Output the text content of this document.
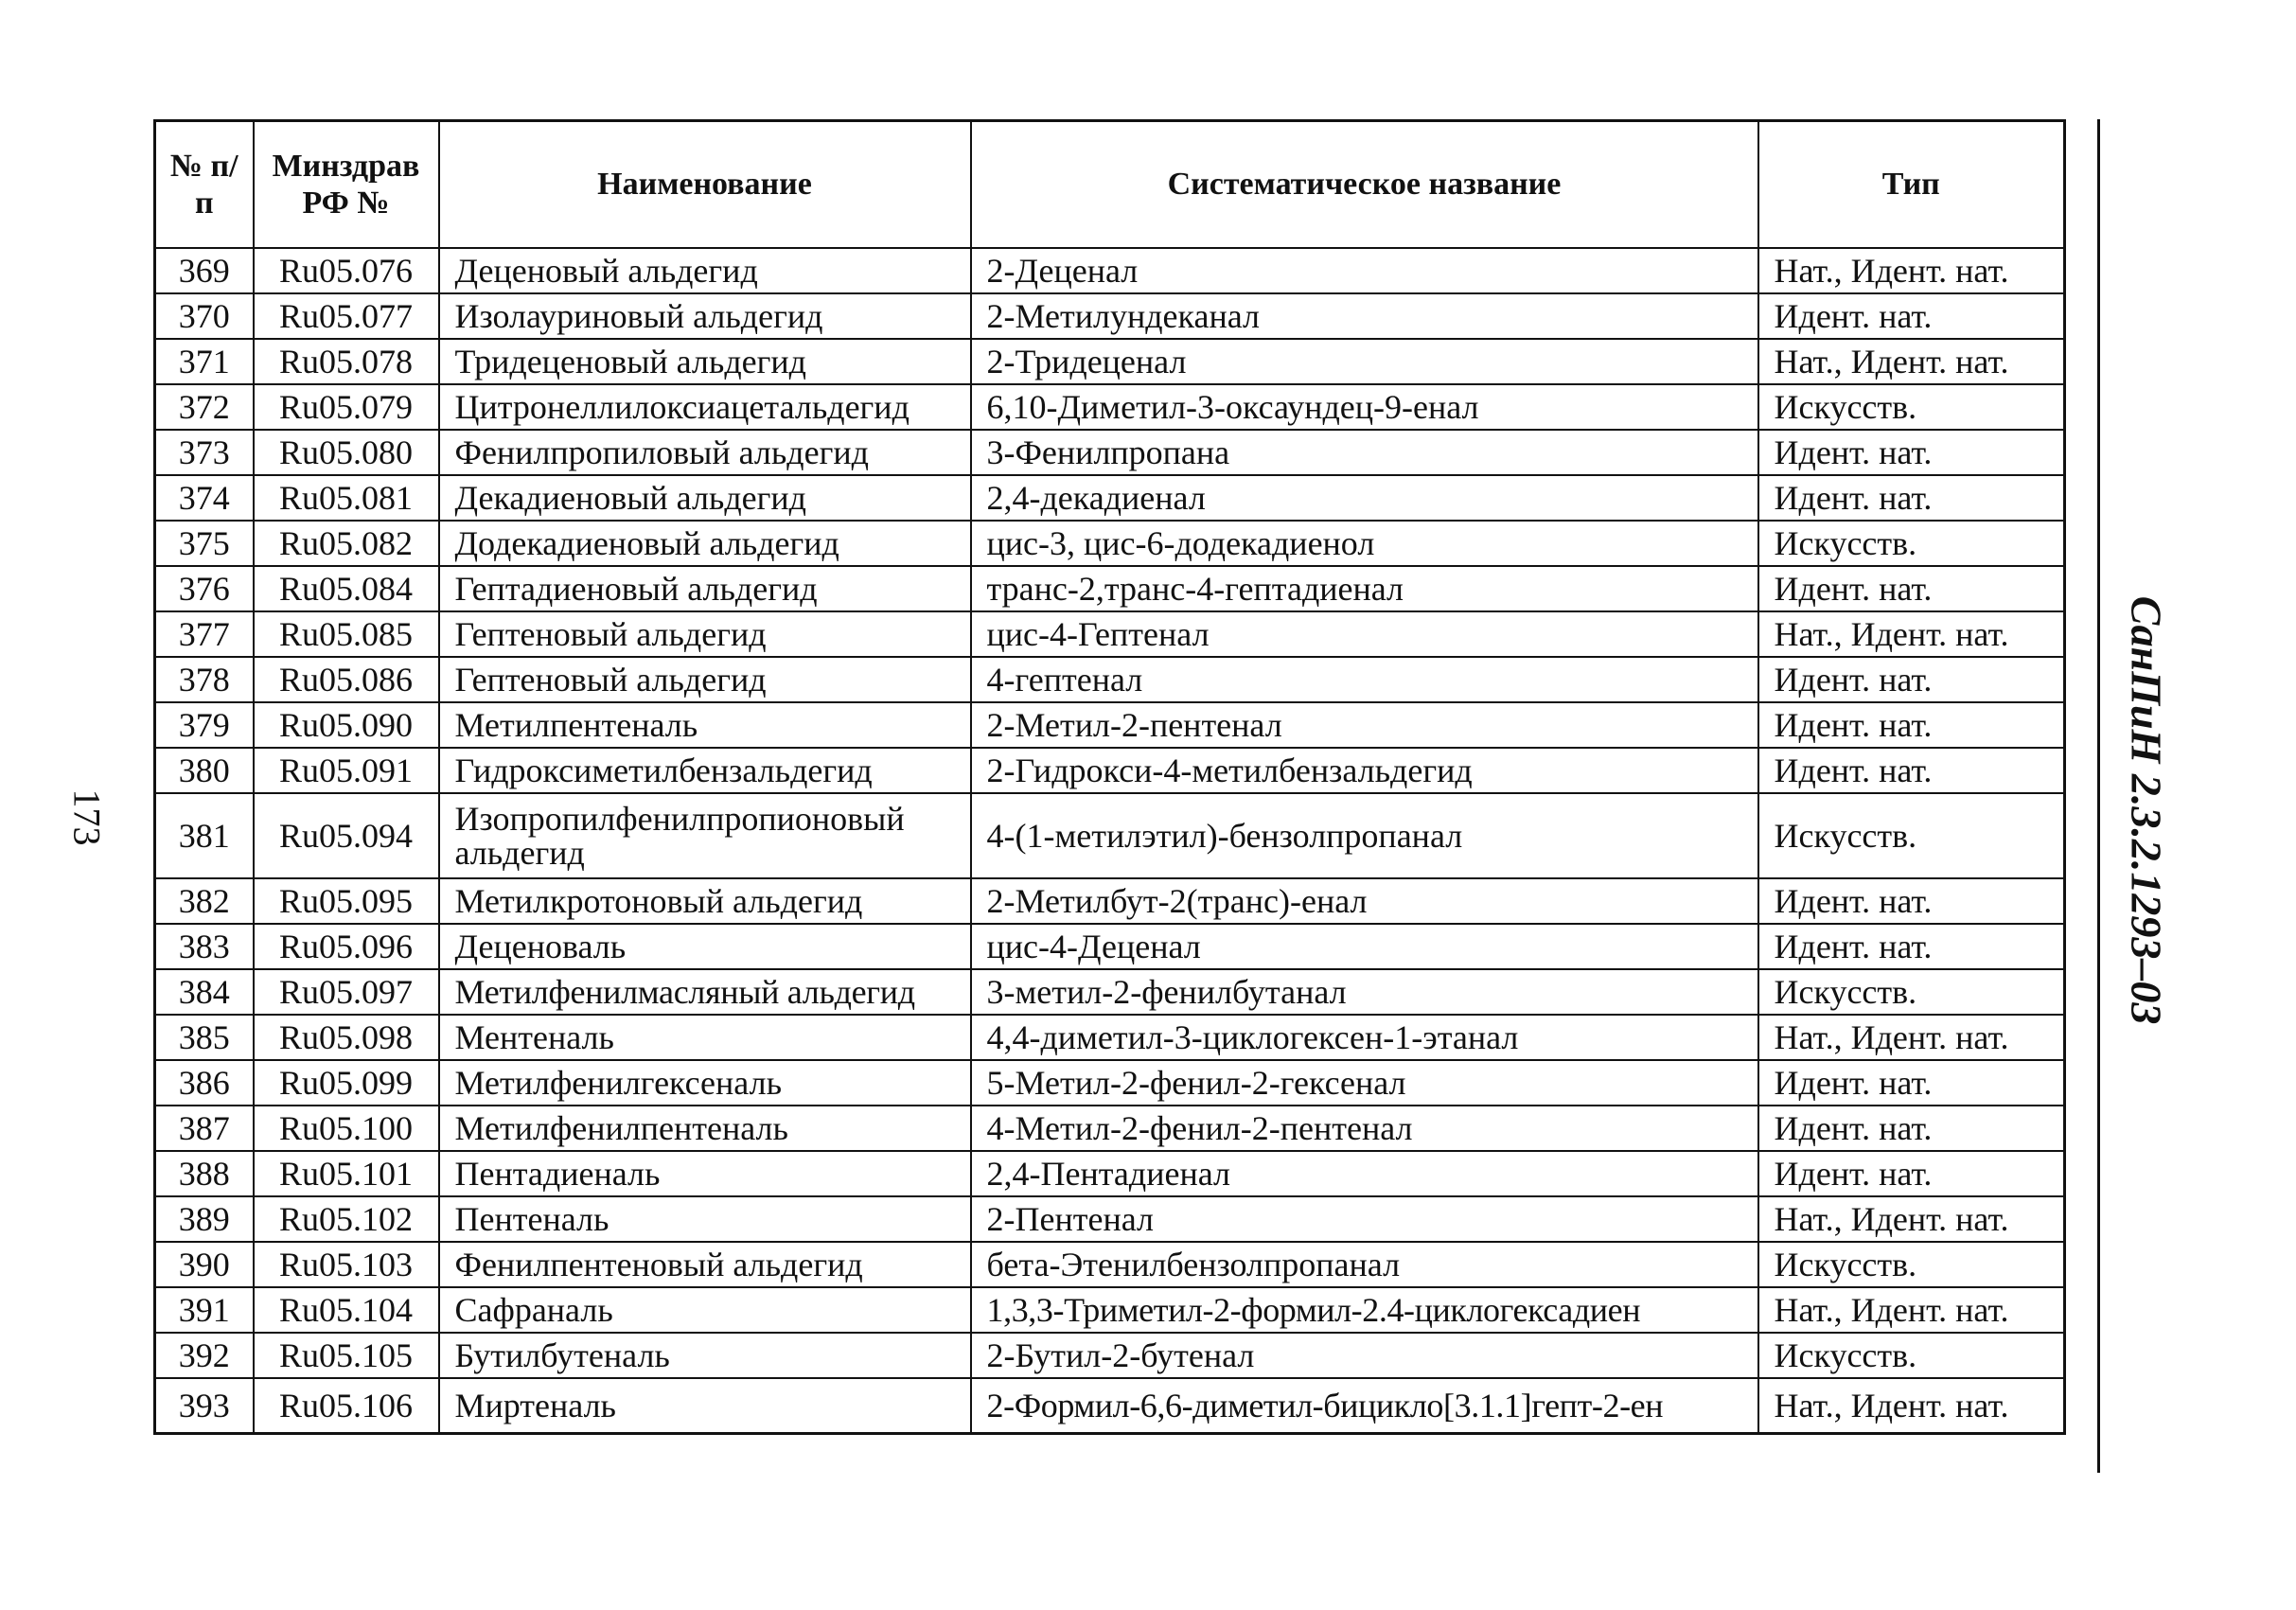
173
№ п/п	Минздрав РФ №	Наименование	Систематическое название	Тип
369	Ru05.076	Деценовый альдегид	2-Деценал	Нат., Идент. нат.
370	Ru05.077	Изолауриновый альдегид	2-Метилундеканал	Идент. нат.
371	Ru05.078	Тридеценовый альдегид	2-Тридеценал	Нат., Идент. нат.
372	Ru05.079	Цитронеллилоксиацетальдегид	6,10-Диметил-3-оксаундец-9-енал	Искусств.
373	Ru05.080	Фенилпропиловый альдегид	3-Фенилпропана	Идент. нат.
374	Ru05.081	Декадиеновый альдегид	2,4-декадиенал	Идент. нат.
375	Ru05.082	Додекадиеновый альдегид	цис-3, цис-6-додекадиенол	Искусств.
376	Ru05.084	Гептадиеновый альдегид	транс-2,транс-4-гептадиенал	Идент. нат.
377	Ru05.085	Гептеновый альдегид	цис-4-Гептенал	Нат., Идент. нат.
378	Ru05.086	Гептеновый альдегид	4-гептенал	Идент. нат.
379	Ru05.090	Метилпентеналь	2-Метил-2-пентенал	Идент. нат.
380	Ru05.091	Гидроксиметилбензальдегид	2-Гидрокси-4-метилбензальдегид	Идент. нат.
381	Ru05.094	Изопропилфенилпропионовый альдегид	4-(1-метилэтил)-бензолпропанал	Искусств.
382	Ru05.095	Метилкротоновый альдегид	2-Метилбут-2(транс)-енал	Идент. нат.
383	Ru05.096	Деценоваль	цис-4-Деценал	Идент. нат.
384	Ru05.097	Метилфенилмасляный альдегид	3-метил-2-фенилбутанал	Искусств.
385	Ru05.098	Ментеналь	4,4-диметил-3-циклогексен-1-этанал	Нат., Идент. нат.
386	Ru05.099	Метилфенилгексеналь	5-Метил-2-фенил-2-гексенал	Идент. нат.
387	Ru05.100	Метилфенилпентеналь	4-Метил-2-фенил-2-пентенал	Идент. нат.
388	Ru05.101	Пентадиеналь	2,4-Пентадиенал	Идент. нат.
389	Ru05.102	Пентеналь	2-Пентенал	Нат., Идент. нат.
390	Ru05.103	Фенилпентеновый альдегид	бета-Этенилбензолпропанал	Искусств.
391	Ru05.104	Сафраналь	1,3,3-Триметил-2-формил-2.4-циклогексадиен	Нат., Идент. нат.
392	Ru05.105	Бутилбутеналь	2-Бутил-2-бутенал	Искусств.
393	Ru05.106	Миртеналь	2-Формил-6,6-диметил-бицикло[3.1.1]гепт-2-ен	Нат., Идент. нат.
СанПиН 2.3.2.1293–03
